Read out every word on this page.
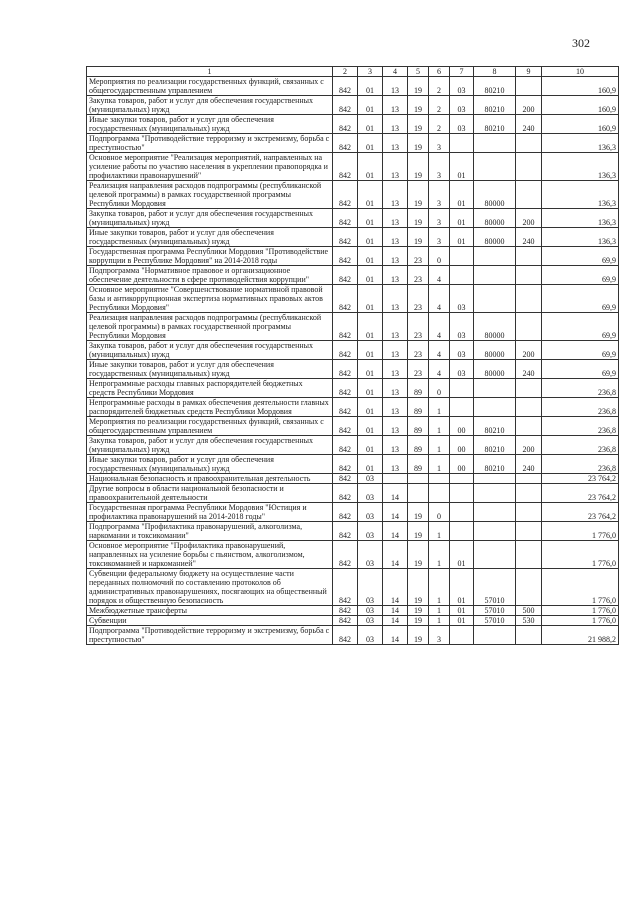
302
1	2	3	4	5	6	7	8	9	10
Мероприятия по реализации государственных функций, связанных с общегосударственным управлением	842	01	13	19	2	03	80210		160,9
Закупка товаров, работ и услуг для обеспечения государственных (муниципальных) нужд	842	01	13	19	2	03	80210	200	160,9
Иные закупки товаров, работ и услуг для обеспечения государственных (муниципальных) нужд	842	01	13	19	2	03	80210	240	160,9
Подпрограмма "Противодействие терроризму и экстремизму, борьба с преступностью"	842	01	13	19	3				136,3
Основное мероприятие "Реализация мероприятий, направленных на усиление работы по участию населения в укреплении правопорядка и профилактики правонарушений"	842	01	13	19	3	01			136,3
Реализация направления расходов подпрограммы (республиканской целевой программы) в рамках государственной программы Республики Мордовия	842	01	13	19	3	01	80000		136,3
Закупка товаров, работ и услуг для обеспечения государственных (муниципальных) нужд	842	01	13	19	3	01	80000	200	136,3
Иные закупки товаров, работ и услуг для обеспечения государственных (муниципальных) нужд	842	01	13	19	3	01	80000	240	136,3
Государственная программа Республики Мордовия "Противодействие коррупции в Республике Мордовия" на 2014-2018 годы	842	01	13	23	0				69,9
Подпрограмма "Нормативное правовое и организационное обеспечение деятельности в сфере противодействия коррупции"	842	01	13	23	4				69,9
Основное мероприятие "Совершенствование нормативной правовой базы и антикоррупционная экспертиза нормативных правовых актов Республики Мордовия"	842	01	13	23	4	03			69,9
Реализация направления расходов подпрограммы (республиканской целевой программы) в рамках государственной программы Республики Мордовия	842	01	13	23	4	03	80000		69,9
Закупка товаров, работ и услуг для обеспечения государственных (муниципальных) нужд	842	01	13	23	4	03	80000	200	69,9
Иные закупки товаров, работ и услуг для обеспечения государственных (муниципальных) нужд	842	01	13	23	4	03	80000	240	69,9
Непрограммные расходы главных распорядителей бюджетных средств Республики Мордовия	842	01	13	89	0				236,8
Непрограммные расходы в рамках обеспечения деятельности главных распорядителей бюджетных средств Республики Мордовия	842	01	13	89	1				236,8
Мероприятия по реализации государственных функций, связанных с общегосударственным управлением	842	01	13	89	1	00	80210		236,8
Закупка товаров, работ и услуг для обеспечения государственных (муниципальных) нужд	842	01	13	89	1	00	80210	200	236,8
Иные закупки товаров, работ и услуг для обеспечения государственных (муниципальных) нужд	842	01	13	89	1	00	80210	240	236,8
Национальная безопасность и правоохранительная деятельность	842	03							23 764,2
Другие вопросы в области национальной безопасности и правоохранительной деятельности	842	03	14						23 764,2
Государственная программа Республики Мордовия "Юстиция и профилактика правонарушений на 2014-2018 годы"	842	03	14	19	0				23 764,2
Подпрограмма "Профилактика правонарушений, алкоголизма, наркомании и токсикомании"	842	03	14	19	1				1 776,0
Основное мероприятие "Профилактика правонарушений, направленных на усиление борьбы с пьянством, алкоголизмом, токсикоманией и наркоманией"	842	03	14	19	1	01			1 776,0
Субвенции федеральному бюджету на осуществление части переданных полномочий по составлению протоколов об административных правонарушениях, посягающих на общественный порядок и общественную безопасность	842	03	14	19	1	01	57010		1 776,0
Межбюджетные трансферты	842	03	14	19	1	01	57010	500	1 776,0
Субвенции	842	03	14	19	1	01	57010	530	1 776,0
Подпрограмма "Противодействие терроризму и экстремизму, борьба с преступностью"	842	03	14	19	3				21 988,2
